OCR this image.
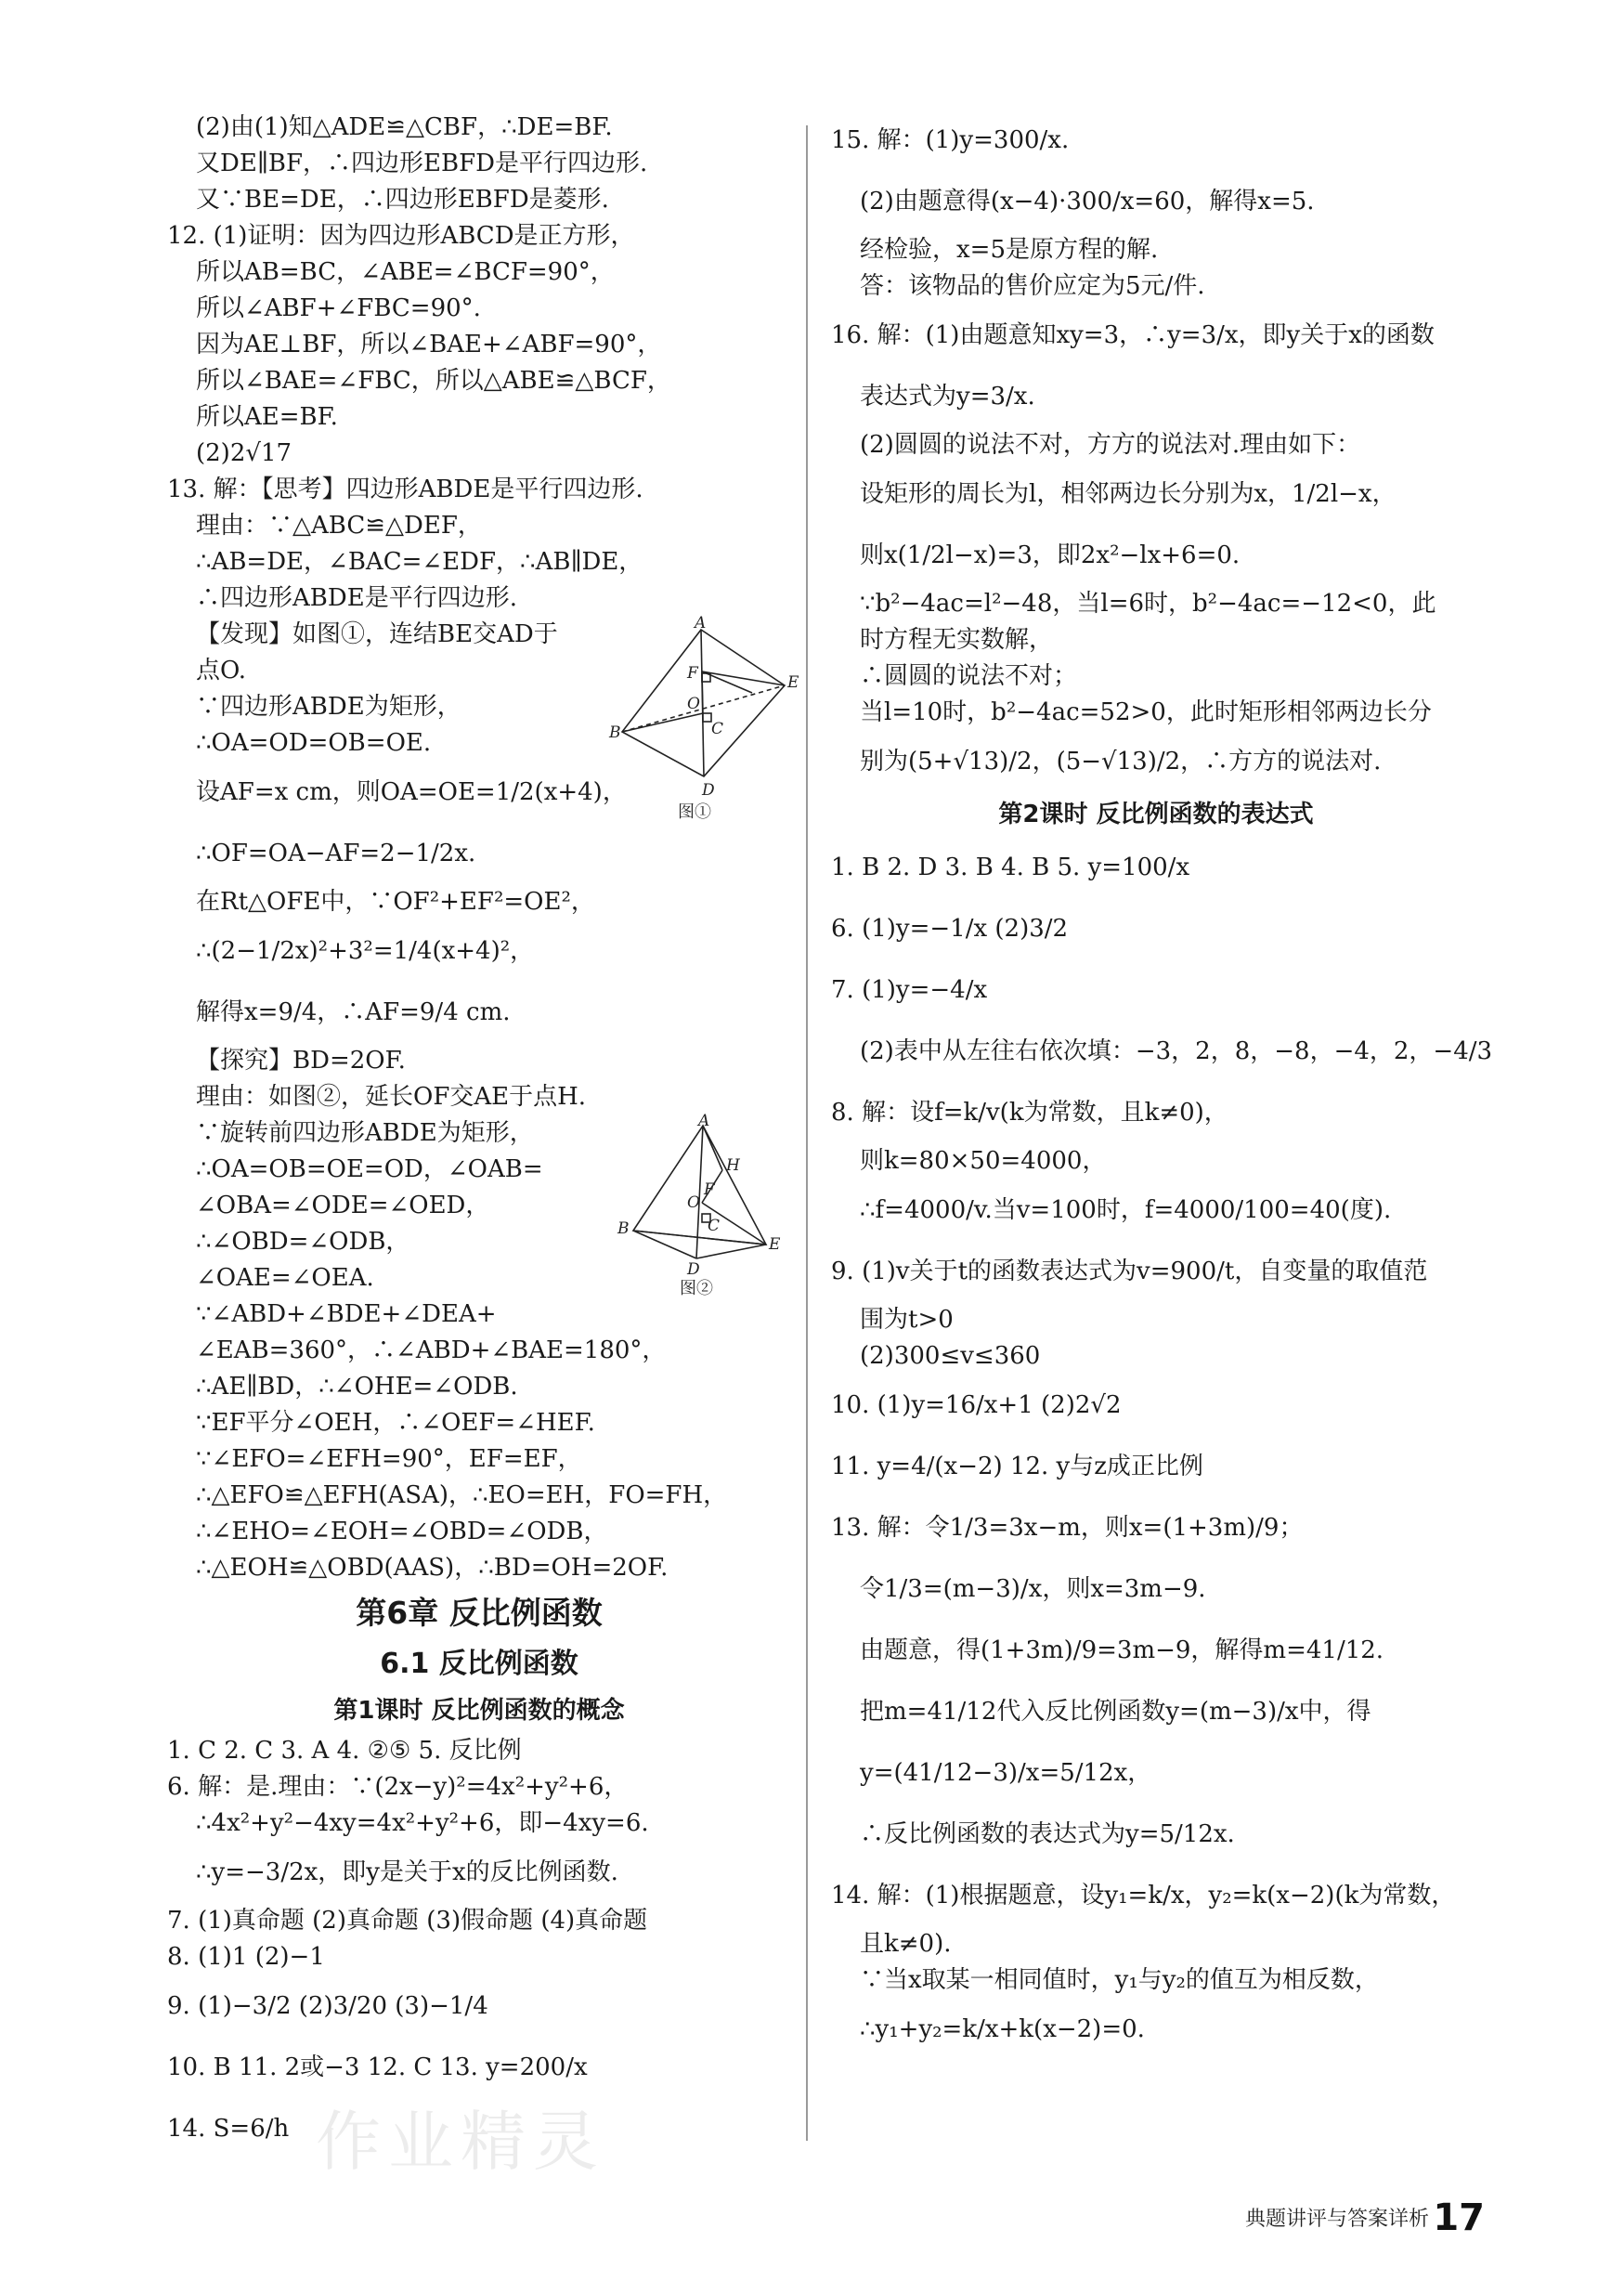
(2)由(1)知△ADE≌△CBF，∴DE=BF.
又DE∥BF，∴四边形EBFD是平行四边形.
又∵BE=DE，∴四边形EBFD是菱形.
12. (1)证明：因为四边形ABCD是正方形，
所以AB=BC，∠ABE=∠BCF=90°，
所以∠ABF+∠FBC=90°.
因为AE⊥BF，所以∠BAE+∠ABF=90°，
所以∠BAE=∠FBC，所以△ABE≌△BCF，
所以AE=BF.
(2)2√17
13. 解：【思考】四边形ABDE是平行四边形.
理由：∵△ABC≌△DEF，
∴AB=DE，∠BAC=∠EDF，∴AB∥DE，
∴四边形ABDE是平行四边形.
【发现】如图①，连结BE交AD于
点O.
∵四边形ABDE为矩形，
∴OA=OD=OB=OE.
设AF=x cm，则OA=OE=1/2(x+4)，
∴OF=OA−AF=2−1/2x.
在Rt△OFE中，∵OF²+EF²=OE²，
∴(2−1/2x)²+3²=1/4(x+4)²，
解得x=9/4，∴AF=9/4 cm.
【探究】BD=2OF.
理由：如图②，延长OF交AE于点H.
∵旋转前四边形ABDE为矩形，
∴OA=OB=OE=OD，∠OAB=
∠OBA=∠ODE=∠OED，
∴∠OBD=∠ODB，
∠OAE=∠OEA.
∵∠ABD+∠BDE+∠DEA+
∠EAB=360°，∴∠ABD+∠BAE=180°，
∴AE∥BD，∴∠OHE=∠ODB.
∵EF平分∠OEH，∴∠OEF=∠HEF.
∵∠EFO=∠EFH=90°，EF=EF，
∴△EFO≌△EFH(ASA)，∴EO=EH，FO=FH，
∴∠EHO=∠EOH=∠OBD=∠ODB，
∴△EOH≌△OBD(AAS)，∴BD=OH=2OF.
第6章 反比例函数
6.1 反比例函数
第1课时 反比例函数的概念
1. C 2. C 3. A 4. ②⑤ 5. 反比例
6. 解：是.理由：∵(2x−y)²=4x²+y²+6，
∴4x²+y²−4xy=4x²+y²+6，即−4xy=6.
∴y=−3/2x，即y是关于x的反比例函数.
7. (1)真命题 (2)真命题 (3)假命题 (4)真命题
8. (1)1 (2)−1
9. (1)−3/2 (2)3/20 (3)−1/4
10. B 11. 2或−3 12. C 13. y=200/x
14. S=6/h
15. 解：(1)y=300/x.
(2)由题意得(x−4)·300/x=60，解得x=5.
经检验，x=5是原方程的解.
答：该物品的售价应定为5元/件.
16. 解：(1)由题意知xy=3，∴y=3/x，即y关于x的函数
表达式为y=3/x.
(2)圆圆的说法不对，方方的说法对.理由如下：
设矩形的周长为l，相邻两边长分别为x，1/2l−x，
则x(1/2l−x)=3，即2x²−lx+6=0.
∵b²−4ac=l²−48，当l=6时，b²−4ac=−12<0，此
时方程无实数解，
∴圆圆的说法不对；
当l=10时，b²−4ac=52>0，此时矩形相邻两边长分
别为(5+√13)/2，(5−√13)/2，∴方方的说法对.
第2课时 反比例函数的表达式
1. B 2. D 3. B 4. B 5. y=100/x
6. (1)y=−1/x (2)3/2
7. (1)y=−4/x
(2)表中从左往右依次填：−3，2，8，−8，−4，2，−4/3
8. 解：设f=k/v(k为常数，且k≠0)，
则k=80×50=4000，
∴f=4000/v.当v=100时，f=4000/100=40(度).
9. (1)v关于t的函数表达式为v=900/t，自变量的取值范
围为t>0
(2)300≤v≤360
10. (1)y=16/x+1 (2)2√2
11. y=4/(x−2) 12. y与z成正比例
13. 解：令1/3=3x−m，则x=(1+3m)/9；
令1/3=(m−3)/x，则x=3m−9.
由题意，得(1+3m)/9=3m−9，解得m=41/12.
把m=41/12代入反比例函数y=(m−3)/x中，得
y=(41/12−3)/x=5/12x，
∴反比例函数的表达式为y=5/12x.
14. 解：(1)根据题意，设y₁=k/x，y₂=k(x−2)(k为常数，
且k≠0).
∵当x取某一相同值时，y₁与y₂的值互为相反数，
∴y₁+y₂=k/x+k(x−2)=0.
A
B	C
D
E
F
O
图①
A
B	C
D
E
F
H
O
图②
作业精灵
典题讲评与答案详析 17
